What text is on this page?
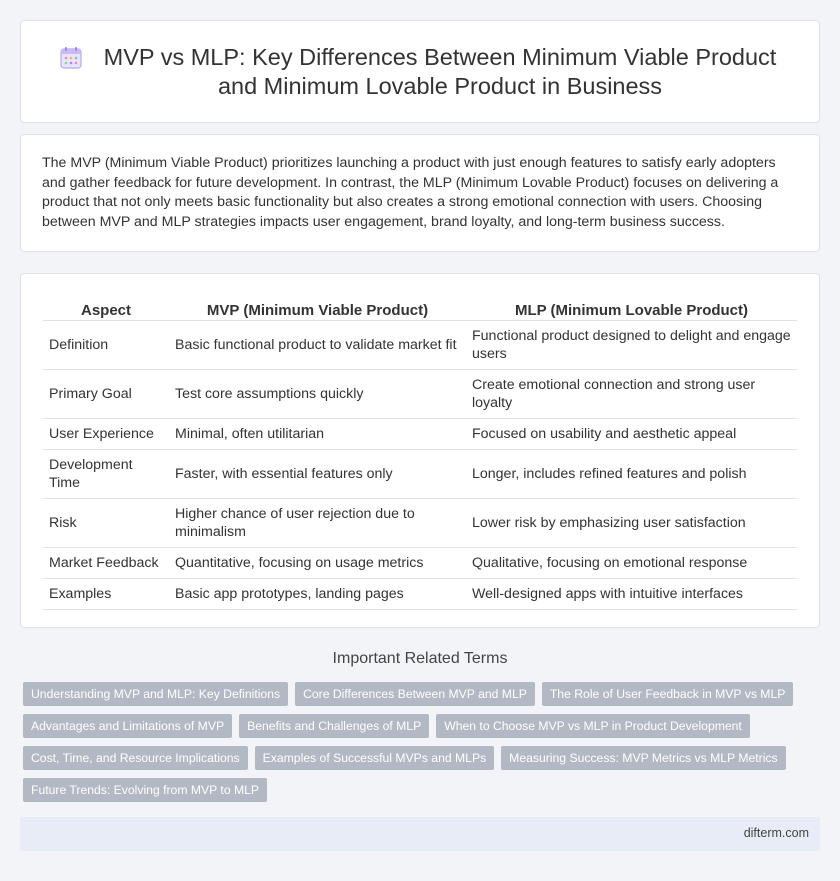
MVP vs MLP: Key Differences Between Minimum Viable Product and Minimum Lovable Product in Business

The MVP (Minimum Viable Product) prioritizes launching a product with just enough features to satisfy early adopters and gather feedback for future development. In contrast, the MLP (Minimum Lovable Product) focuses on delivering a product that not only meets basic functionality but also creates a strong emotional connection with users. Choosing between MVP and MLP strategies impacts user engagement, brand loyalty, and long-term business success.

Aspect	MVP (Minimum Viable Product)	MLP (Minimum Lovable Product)
Definition	Basic functional product to validate market fit	Functional product designed to delight and engage users
Primary Goal	Test core assumptions quickly	Create emotional connection and strong user loyalty
User Experience	Minimal, often utilitarian	Focused on usability and aesthetic appeal
Development Time	Faster, with essential features only	Longer, includes refined features and polish
Risk	Higher chance of user rejection due to minimalism	Lower risk by emphasizing user satisfaction
Market Feedback	Quantitative, focusing on usage metrics	Qualitative, focusing on emotional response
Examples	Basic app prototypes, landing pages	Well-designed apps with intuitive interfaces
Important Related Terms
Understanding MVP and MLP: Key Definitions	Core Differences Between MVP and MLP	The Role of User Feedback in MVP vs MLP
Advantages and Limitations of MVP	Benefits and Challenges of MLP	When to Choose MVP vs MLP in Product Development
Cost, Time, and Resource Implications	Examples of Successful MVPs and MLPs	Measuring Success: MVP Metrics vs MLP Metrics
Future Trends: Evolving from MVP to MLP
difterm.com
